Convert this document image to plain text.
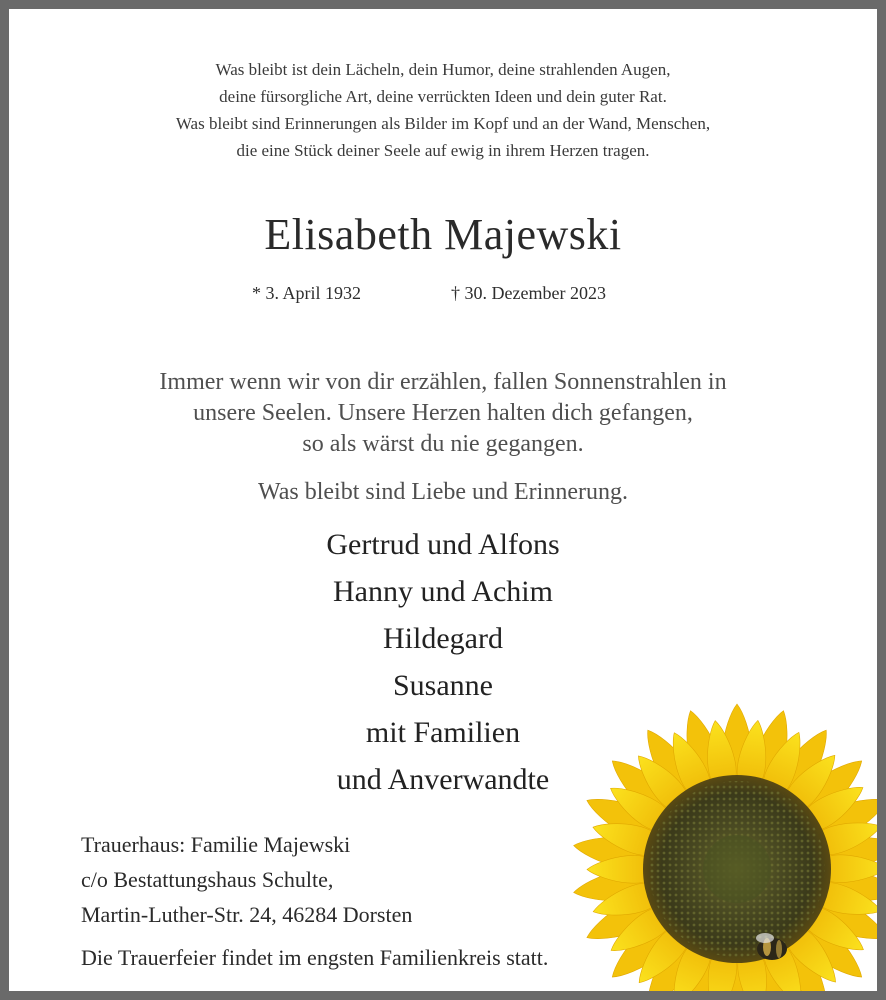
Was bleibt ist dein Lächeln, dein Humor, deine strahlenden Augen,
deine fürsorgliche Art, deine verrückten Ideen und dein guter Rat.
Was bleibt sind Erinnerungen als Bilder im Kopf und an der Wand, Menschen,
die eine Stück deiner Seele auf ewig in ihrem Herzen tragen.
Elisabeth Majewski
* 3. April 1932	† 30. Dezember 2023
Immer wenn wir von dir erzählen, fallen Sonnenstrahlen in
unsere Seelen. Unsere Herzen halten dich gefangen,
so als wärst du nie gegangen.
Was bleibt sind Liebe und Erinnerung.
Gertrud und Alfons
Hanny und Achim
Hildegard
Susanne
mit Familien
und Anverwandte
Trauerhaus: Familie Majewski
c/o Bestattungshaus Schulte,
Martin-Luther-Str. 24, 46284 Dorsten
Die Trauerfeier findet im engsten Familienkreis statt.
